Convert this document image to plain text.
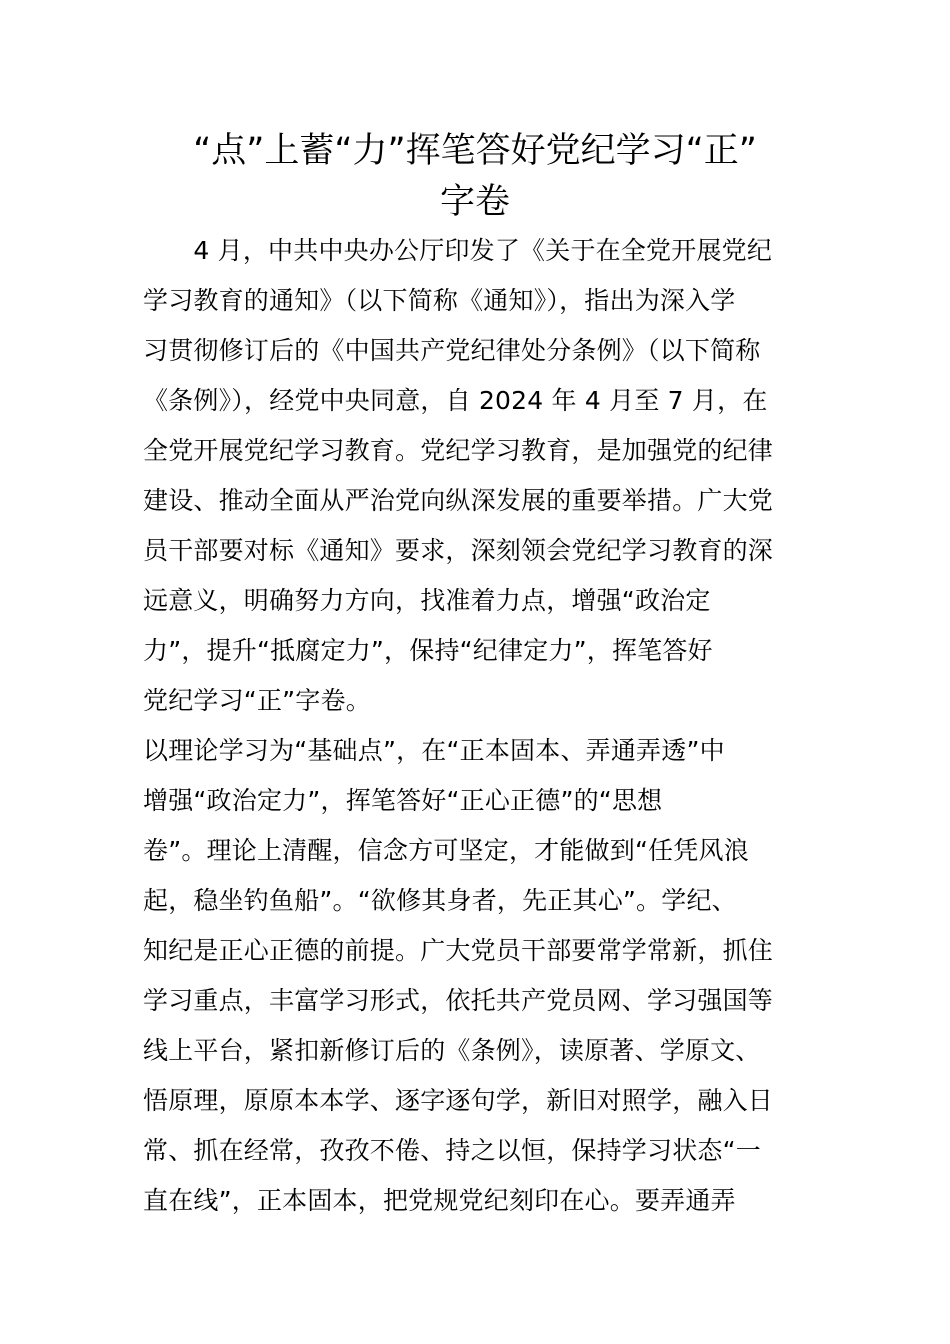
“点”上蓄“力”挥笔答好党纪学习“正”
字卷
　　4 月，中共中央办公厅印发了《关于在全党开展党纪
学习教育的通知》（以下简称《通知》），指出为深入学
习贯彻修订后的《中国共产党纪律处分条例》（以下简称
《条例》），经党中央同意，自 2024 年 4 月至 7 月，在
全党开展党纪学习教育。党纪学习教育，是加强党的纪律
建设、推动全面从严治党向纵深发展的重要举措。广大党
员干部要对标《通知》要求，深刻领会党纪学习教育的深
远意义，明确努力方向，找准着力点，增强“政治定
力”，提升“抵腐定力”，保持“纪律定力”，挥笔答好
党纪学习“正”字卷。
以理论学习为“基础点”，在“正本固本、弄通弄透”中
增强“政治定力”，挥笔答好“正心正德”的“思想
卷”。理论上清醒，信念方可坚定，才能做到“任凭风浪
起，稳坐钓鱼船”。“欲修其身者，先正其心”。学纪、
知纪是正心正德的前提。广大党员干部要常学常新，抓住
学习重点，丰富学习形式，依托共产党员网、学习强国等
线上平台，紧扣新修订后的《条例》，读原著、学原文、
悟原理，原原本本学、逐字逐句学，新旧对照学，融入日
常、抓在经常，孜孜不倦、持之以恒，保持学习状态“一
直在线”，正本固本，把党规党纪刻印在心。要弄通弄
